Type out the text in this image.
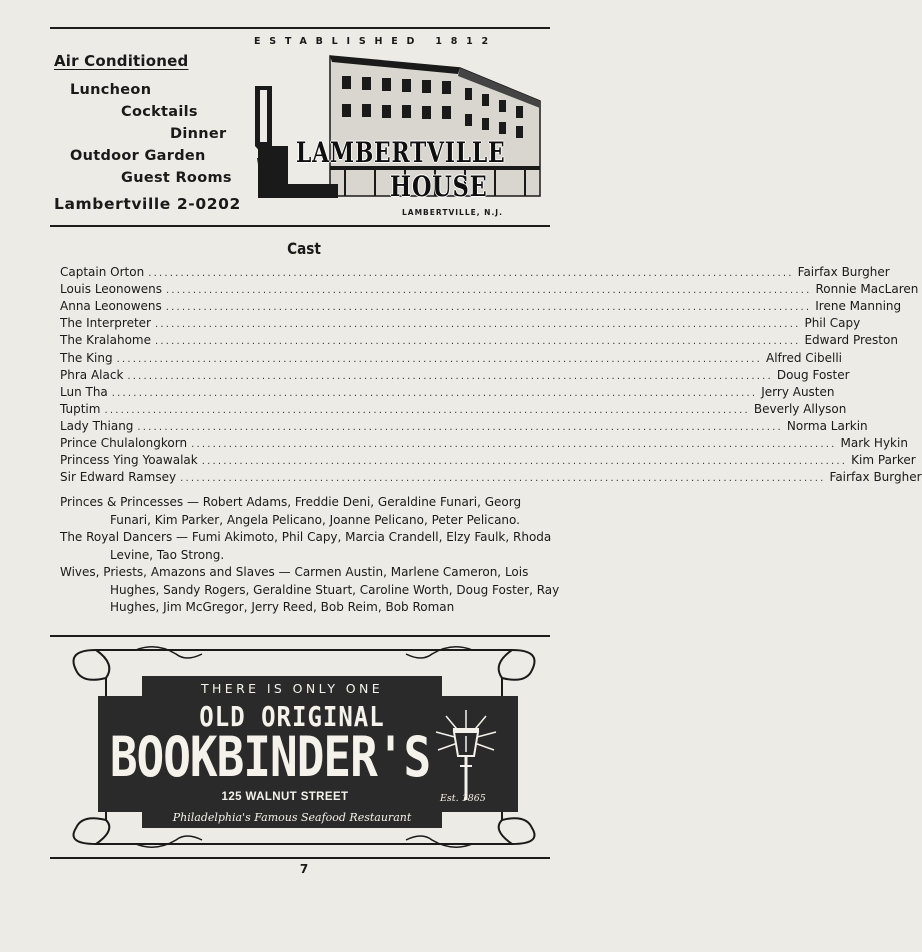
Air Conditioned
Luncheon
Cocktails
Dinner
Outdoor Garden
Guest Rooms
Lambertville 2-0202
ESTABLISHED 1812
LAMBERTVILLE
HOUSE
LAMBERTVILLE, N.J.
Cast
Captain Orton ........................................................................................................................ Fairfax Burgher
Louis Leonowens ........................................................................................................................ Ronnie MacLaren
Anna Leonowens ........................................................................................................................ Irene Manning
The Interpreter ........................................................................................................................ Phil Capy
The Kralahome ........................................................................................................................ Edward Preston
The King ........................................................................................................................ Alfred Cibelli
Phra Alack ........................................................................................................................ Doug Foster
Lun Tha ........................................................................................................................ Jerry Austen
Tuptim ........................................................................................................................ Beverly Allyson
Lady Thiang ........................................................................................................................ Norma Larkin
Prince Chulalongkorn ........................................................................................................................ Mark Hykin
Princess Ying Yoawalak ........................................................................................................................ Kim Parker
Sir Edward Ramsey ........................................................................................................................ Fairfax Burgher

Princes & Princesses — Robert Adams, Freddie Deni, Geraldine Funari, Georg Funari, Kim Parker, Angela Pelicano, Joanne Pelicano, Peter Pelicano.

The Royal Dancers — Fumi Akimoto, Phil Capy, Marcia Crandell, Elzy Faulk, Rhoda Levine, Tao Strong.

Wives, Priests, Amazons and Slaves — Carmen Austin, Marlene Cameron, Lois Hughes, Sandy Rogers, Geraldine Stuart, Caroline Worth, Doug Foster, Ray Hughes, Jim McGregor, Jerry Reed, Bob Reim, Bob Roman

THERE IS ONLY ONE
OLD ORIGINAL
BOOKBINDER'S
125 WALNUT STREET	Est. 1865
Philadelphia's Famous Seafood Restaurant
7
